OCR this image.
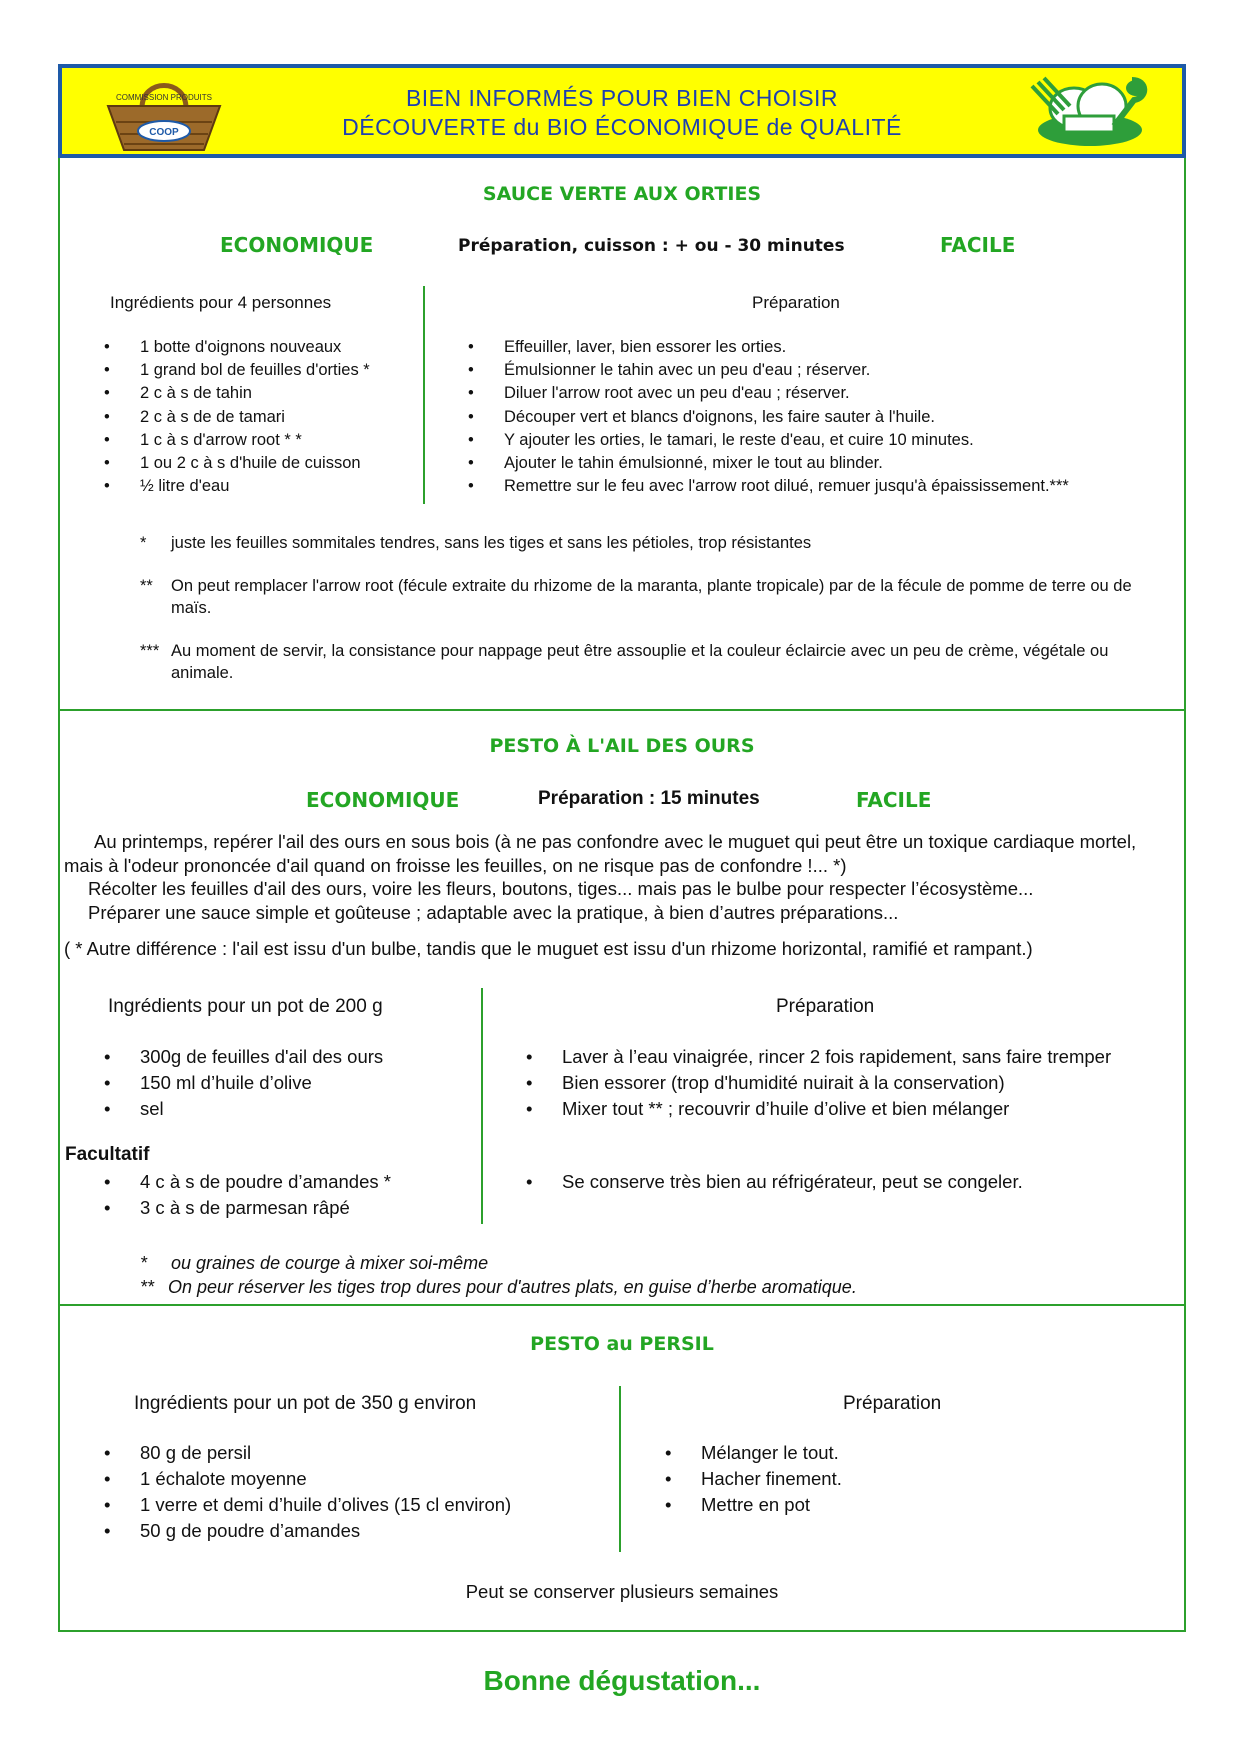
COMMISSION PRODUITS
COOP
BIEN INFORMÉS POUR BIEN CHOISIR
DÉCOUVERTE du BIO ÉCONOMIQUE de QUALITÉ
SAUCE VERTE AUX ORTIES
ECONOMIQUE	Préparation, cuisson : + ou - 30 minutes	FACILE
Ingrédients pour 4 personnes	Préparation
• 1 botte d'oignons nouveaux
• 1 grand bol de feuilles d'orties *
• 2 c à s de tahin
• 2 c à s de de tamari
• 1 c à s d'arrow root * *
• 1 ou 2 c à s d'huile de cuisson
• ½ litre d'eau
• Effeuiller, laver, bien essorer les orties.
• Émulsionner le tahin avec un peu d'eau ; réserver.
• Diluer l'arrow root avec un peu d'eau ; réserver.
• Découper vert et blancs d'oignons, les faire sauter à l'huile.
• Y ajouter les orties, le tamari, le reste d'eau, et cuire 10 minutes.
• Ajouter le tahin émulsionné, mixer le tout au blinder.
• Remettre sur le feu avec l'arrow root dilué, remuer jusqu'à épaississement.***
* juste les feuilles sommitales tendres, sans les tiges et sans les pétioles, trop résistantes
** On peut remplacer l'arrow root (fécule extraite du rhizome de la maranta, plante tropicale) par de la fécule de pomme de terre ou de maïs.
*** Au moment de servir, la consistance pour nappage peut être assouplie et la couleur éclaircie avec un peu de crème, végétale ou animale.
PESTO À L'AIL DES OURS
ECONOMIQUE	Préparation : 15 minutes	FACILE
Au printemps, repérer l'ail des ours en sous bois (à ne pas confondre avec le muguet qui peut être un toxique cardiaque mortel, mais à l'odeur prononcée d'ail quand on froisse les feuilles, on ne risque pas de confondre !... *)
Récolter les feuilles d'ail des ours, voire les fleurs, boutons, tiges... mais pas le bulbe pour respecter l’écosystème...
Préparer une sauce simple et goûteuse ; adaptable avec la pratique, à bien d’autres préparations...
( * Autre différence : l'ail est issu d'un bulbe, tandis que le muguet est issu d'un rhizome horizontal, ramifié et rampant.)
Ingrédients pour un pot de 200 g	Préparation
• 300g de feuilles d'ail des ours
• 150 ml d’huile d’olive
• sel
Facultatif
• 4 c à s de poudre d’amandes *
• 3 c à s de parmesan râpé
• Laver à l’eau vinaigrée, rincer 2 fois rapidement, sans faire tremper
• Bien essorer (trop d'humidité nuirait à la conservation)
• Mixer tout ** ; recouvrir d’huile d’olive et bien mélanger
• Se conserve très bien au réfrigérateur, peut se congeler.
* ou graines de courge à mixer soi-même
** On peur réserver les tiges trop dures pour d'autres plats, en guise d’herbe aromatique.
PESTO au PERSIL
Ingrédients pour un pot de 350 g environ	Préparation
• 80 g de persil
• 1 échalote moyenne
• 1 verre et demi d’huile d’olives (15 cl environ)
• 50 g de poudre d’amandes
• Mélanger le tout.
• Hacher finement.
• Mettre en pot
Peut se conserver plusieurs semaines
Bonne dégustation...
